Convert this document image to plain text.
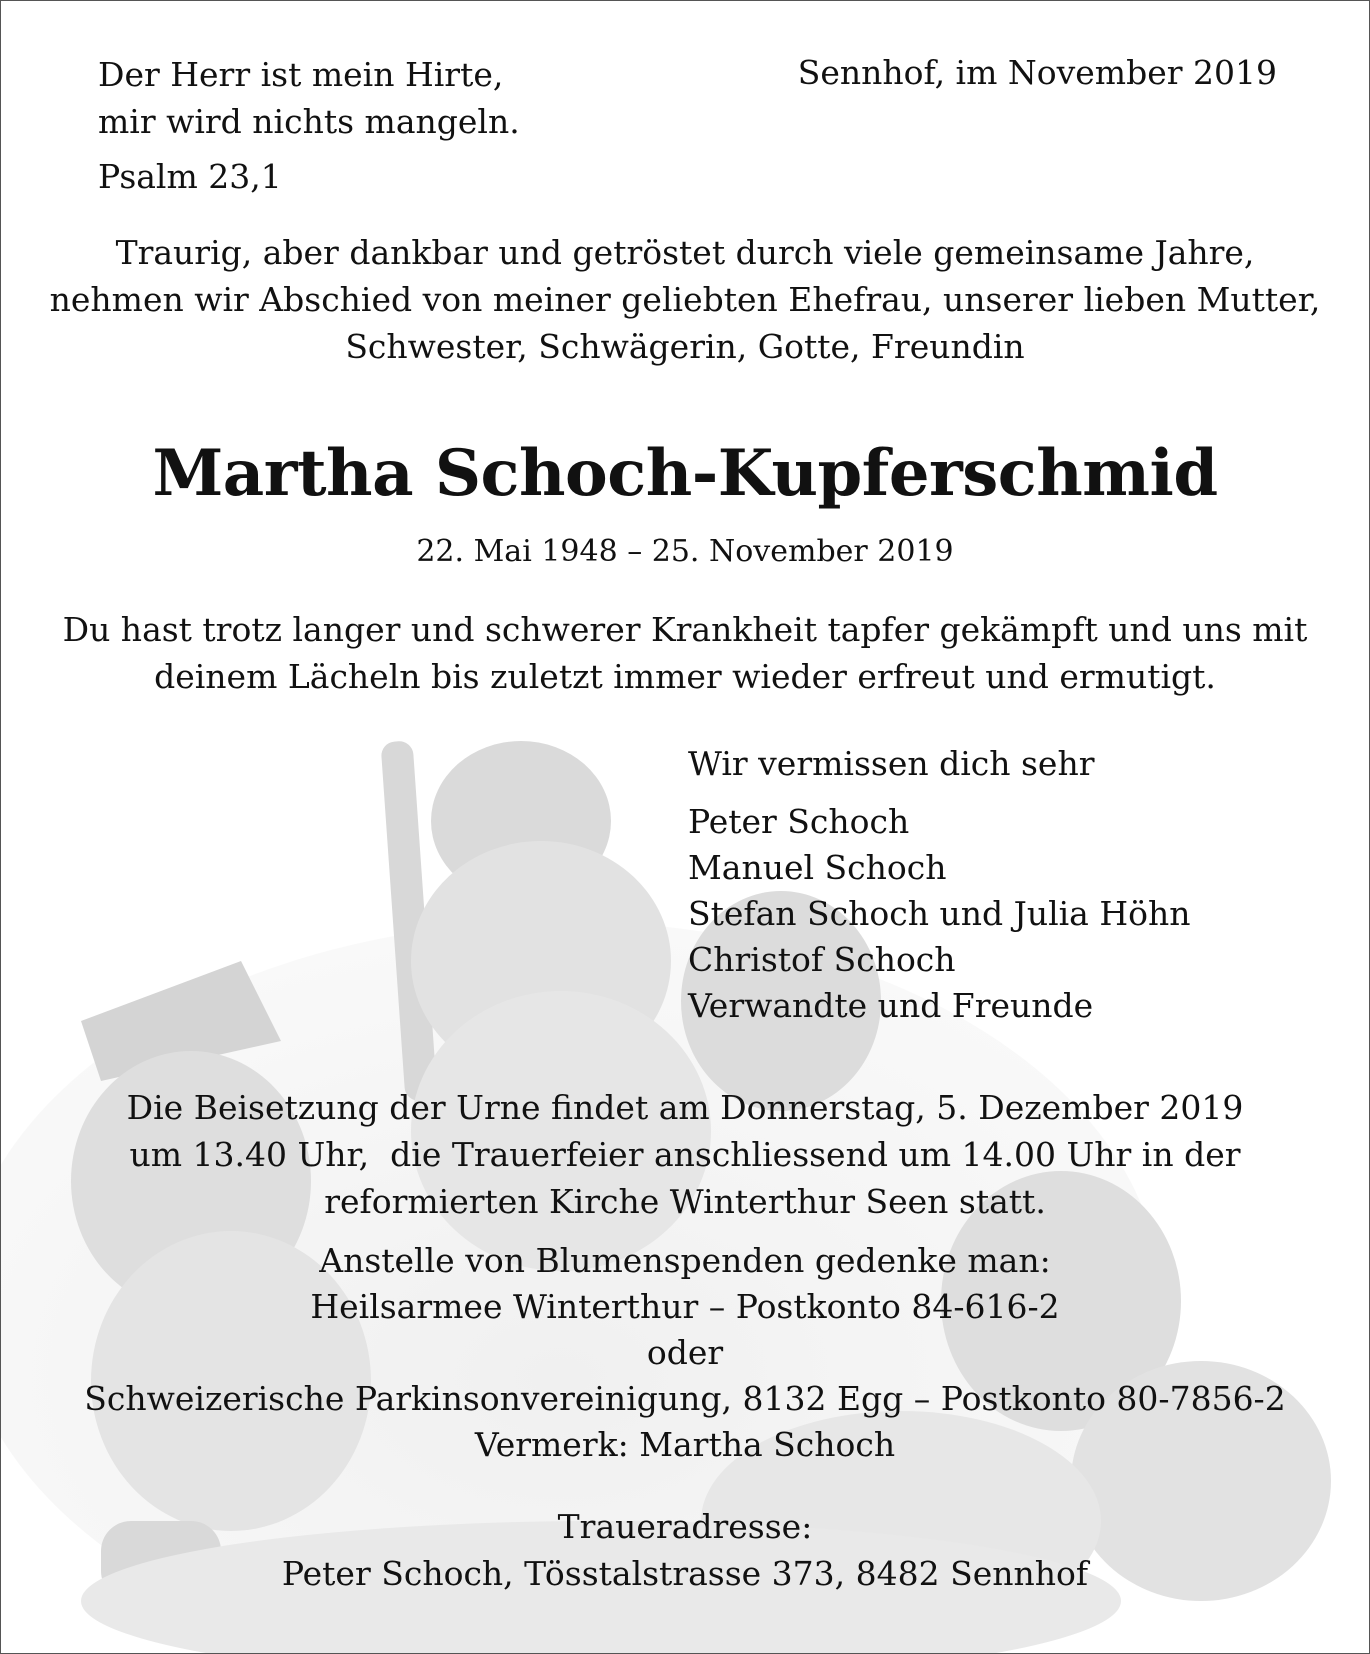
Der Herr ist mein Hirte,
mir wird nichts mangeln.
Psalm 23,1
Sennhof, im November 2019
Traurig, aber dankbar und getröstet durch viele gemeinsame Jahre,
nehmen wir Abschied von meiner geliebten Ehefrau, unserer lieben Mutter,
Schwester, Schwägerin, Gotte, Freundin
Martha Schoch-Kupferschmid
22. Mai 1948 – 25. November 2019
Du hast trotz langer und schwerer Krankheit tapfer gekämpft und uns mit
deinem Lächeln bis zuletzt immer wieder erfreut und ermutigt.
Wir vermissen dich sehr
Peter Schoch
Manuel Schoch
Stefan Schoch und Julia Höhn
Christof Schoch
Verwandte und Freunde
Die Beisetzung der Urne findet am Donnerstag, 5. Dezember 2019
um 13.40 Uhr,  die Trauerfeier anschliessend um 14.00 Uhr in der
reformierten Kirche Winterthur Seen statt.
Anstelle von Blumenspenden gedenke man:
Heilsarmee Winterthur – Postkonto 84-616-2
oder
Schweizerische Parkinsonvereinigung, 8132 Egg – Postkonto 80-7856-2
Vermerk: Martha Schoch
Traueradresse:
Peter Schoch, Tösstalstrasse 373, 8482 Sennhof
